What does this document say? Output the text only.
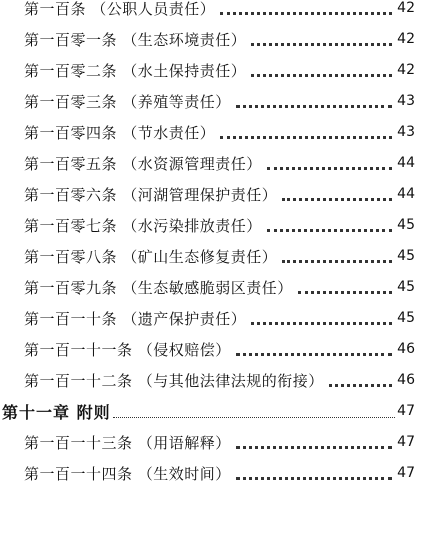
第一百条 （公职人员责任）	42
第一百零一条 （生态环境责任）	42
第一百零二条 （水土保持责任）	42
第一百零三条 （养殖等责任）	43
第一百零四条 （节水责任）	43
第一百零五条 （水资源管理责任）	44
第一百零六条 （河湖管理保护责任）	44
第一百零七条 （水污染排放责任）	45
第一百零八条 （矿山生态修复责任）	45
第一百零九条 （生态敏感脆弱区责任）	45
第一百一十条 （遗产保护责任）	45
第一百一十一条 （侵权赔偿）	46
第一百一十二条 （与其他法律法规的衔接）	46
第十一章 附则	47
第一百一十三条 （用语解释）	47
第一百一十四条 （生效时间）	47
